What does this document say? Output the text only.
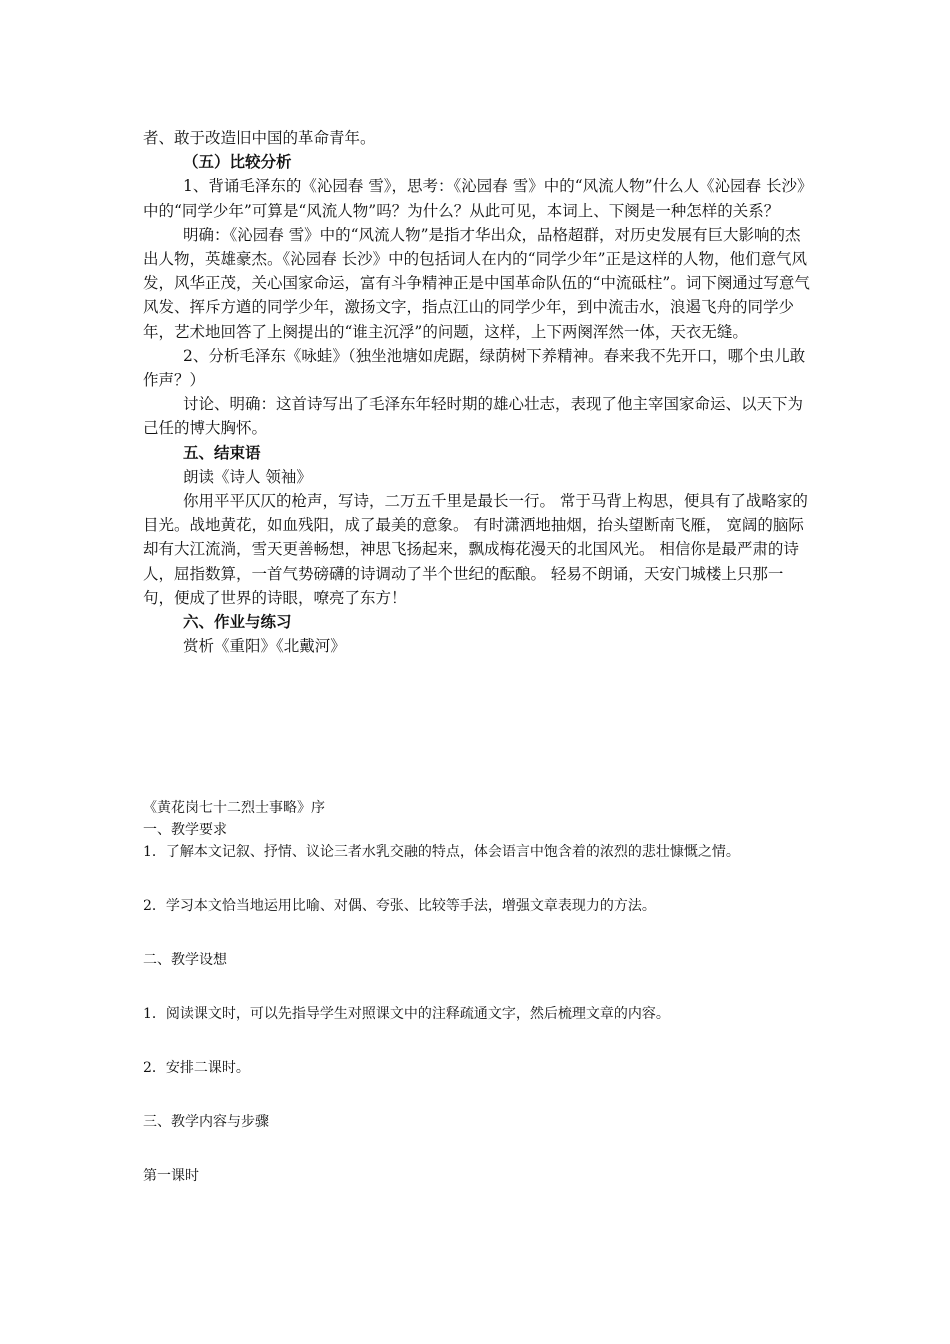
者、敢于改造旧中国的革命青年。

（五）比较分析

1、背诵毛泽东的《沁园春 雪》，思考：《沁园春 雪》中的“风流人物”什么人《沁园春 长沙》中的“同学少年”可算是“风流人物”吗？为什么？从此可见，本词上、下阕是一种怎样的关系？

明确：《沁园春 雪》中的“风流人物”是指才华出众，品格超群，对历史发展有巨大影响的杰出人物，英雄豪杰。《沁园春 长沙》中的包括词人在内的“同学少年”正是这样的人物，他们意气风发，风华正茂，关心国家命运，富有斗争精神正是中国革命队伍的“中流砥柱”。词下阕通过写意气风发、挥斥方遒的同学少年，激扬文字，指点江山的同学少年，到中流击水，浪遏飞舟的同学少年，艺术地回答了上阕提出的“谁主沉浮”的问题，这样，上下两阕浑然一体，天衣无缝。

2、分析毛泽东《咏蛙》（独坐池塘如虎踞，绿荫树下养精神。春来我不先开口，哪个虫儿敢作声？）

讨论、明确：这首诗写出了毛泽东年轻时期的雄心壮志，表现了他主宰国家命运、以天下为己任的博大胸怀。

五、结束语

朗读《诗人 领袖》

你用平平仄仄的枪声，写诗，二万五千里是最长一行。 常于马背上构思，便具有了战略家的目光。战地黄花，如血残阳，成了最美的意象。 有时潇洒地抽烟，抬头望断南飞雁， 宽阔的脑际却有大江流淌，雪天更善畅想，神思飞扬起来，飘成梅花漫天的北国风光。 相信你是最严肃的诗人，屈指数算，一首气势磅礴的诗调动了半个世纪的酝酿。 轻易不朗诵，天安门城楼上只那一句，便成了世界的诗眼，嘹亮了东方！

六、作业与练习

赏析《重阳》《北戴河》

《黄花岗七十二烈士事略》序

一、教学要求

1．了解本文记叙、抒情、议论三者水乳交融的特点，体会语言中饱含着的浓烈的悲壮慷慨之情。

2．学习本文恰当地运用比喻、对偶、夸张、比较等手法，增强文章表现力的方法。

二、教学设想

1．阅读课文时，可以先指导学生对照课文中的注释疏通文字，然后梳理文章的内容。

2．安排二课时。

三、教学内容与步骤

第一课时
